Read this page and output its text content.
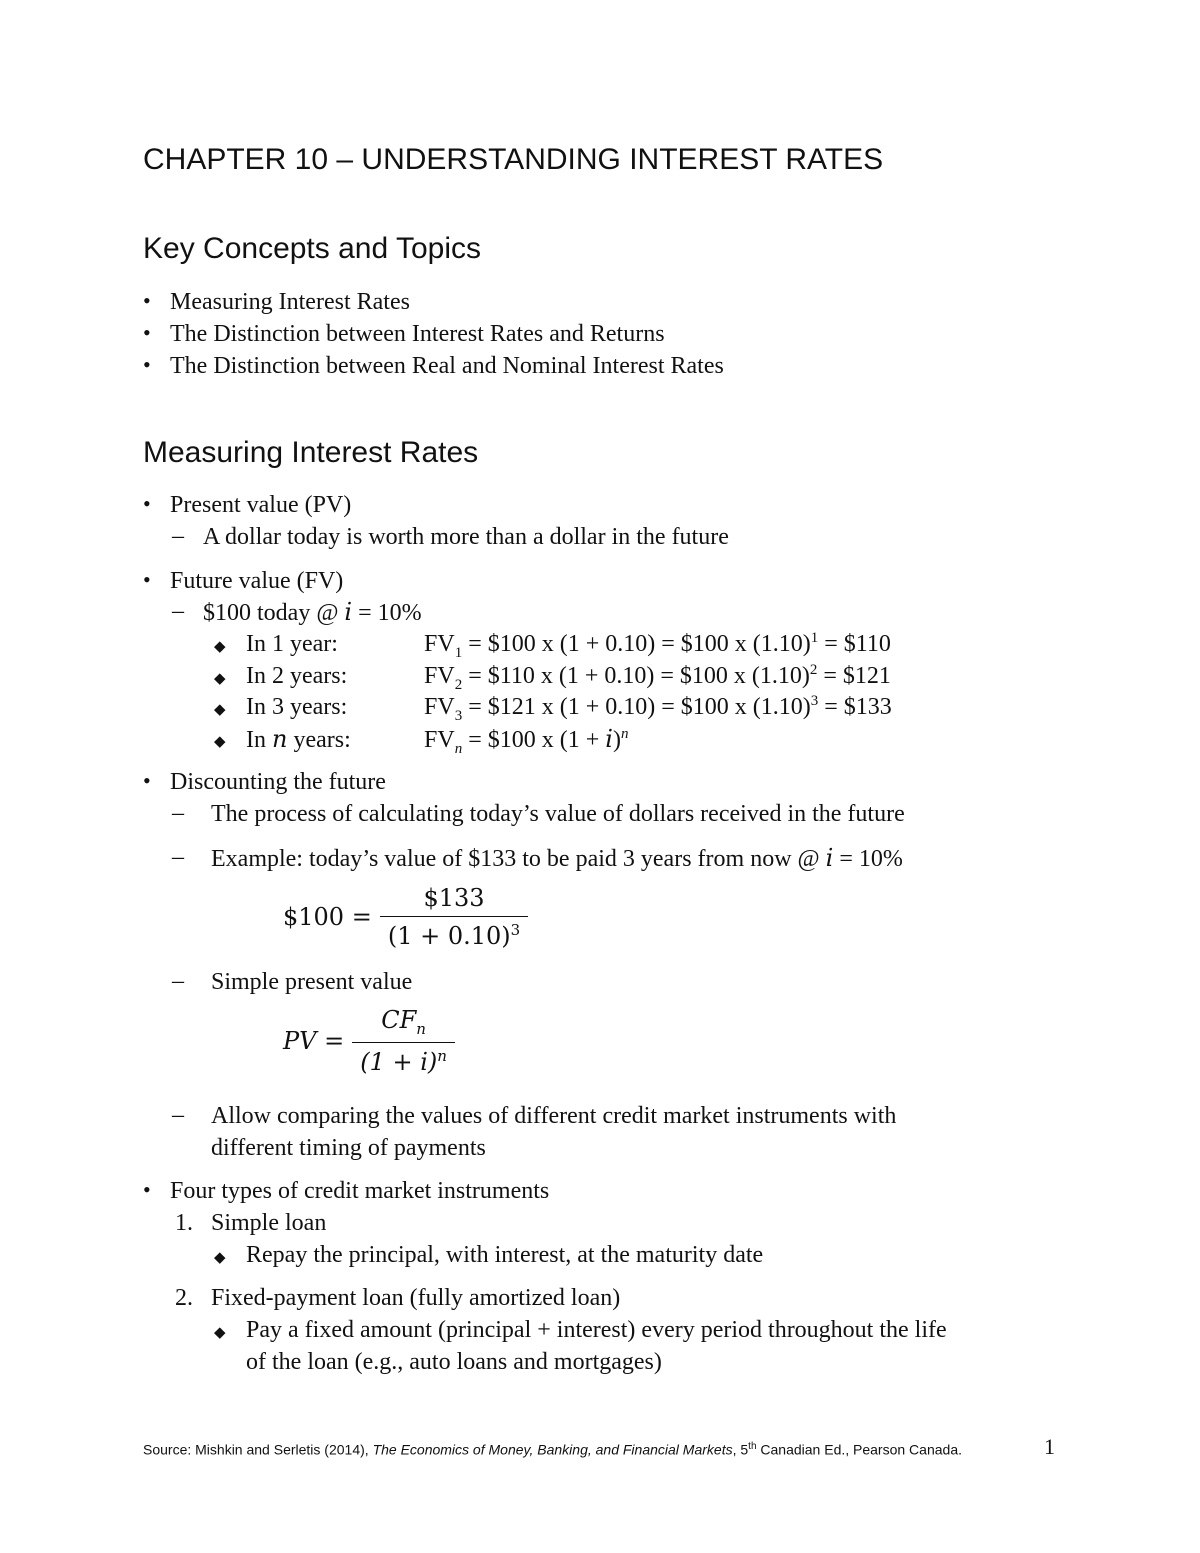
CHAPTER 10 – UNDERSTANDING INTEREST RATES
Key Concepts and Topics
• Measuring Interest Rates
• The Distinction between Interest Rates and Returns
• The Distinction between Real and Nominal Interest Rates
Measuring Interest Rates
• Present value (PV)
– A dollar today is worth more than a dollar in the future
• Future value (FV)
– $100 today @ i = 10%
◆ In 1 year:	$FV_1$ = $100 x (1 + 0.10) = $100 x $(1.10)^1$ = $110
◆ In 2 years:	$FV_2$ = $110 x (1 + 0.10) = $100 x $(1.10)^2$ = $121
◆ In 3 years:	$FV_3$ = $121 x (1 + 0.10) = $100 x $(1.10)^3$ = $133
◆ In n years:	$FV_n$ = $100 x $(1 + i)^n$
• Discounting the future
– The process of calculating today’s value of dollars received in the future
– Example: today’s value of $133 to be paid 3 years from now @ i = 10%
$100 = $\frac{\$133}{(1 + 0.10)^3}$
– Simple present value
PV = $\frac{CF_n}{(1 + i)^n}$
– Allow comparing the values of different credit market instruments with
different timing of payments
• Four types of credit market instruments
1. Simple loan
◆ Repay the principal, with interest, at the maturity date
2. Fixed-payment loan (fully amortized loan)
◆ Pay a fixed amount (principal + interest) every period throughout the life
of the loan (e.g., auto loans and mortgages)
Source: Mishkin and Serletis (2014), The Economics of Money, Banking, and Financial Markets, 5th Canadian Ed., Pearson Canada.	1
